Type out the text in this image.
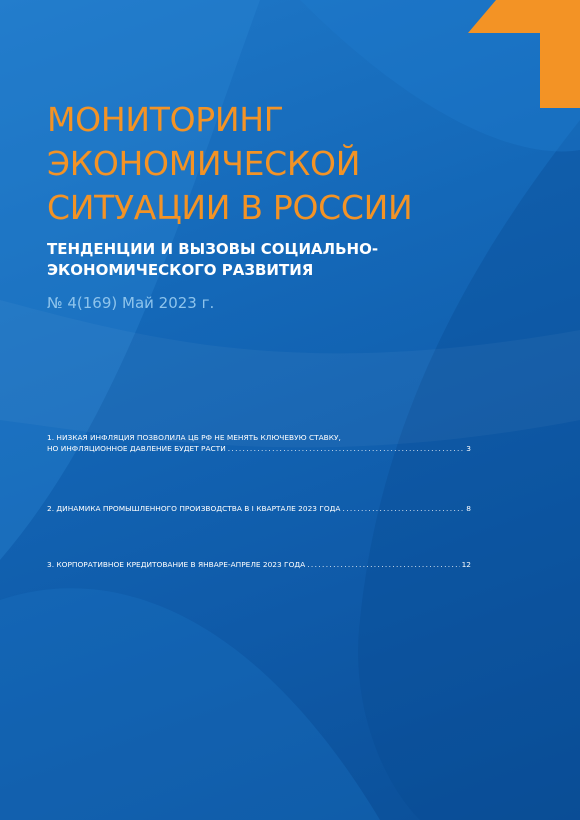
МОНИТОРИНГ
ЭКОНОМИЧЕСКОЙ
СИТУАЦИИ В РОССИИ
ТЕНДЕНЦИИ И ВЫЗОВЫ СОЦИАЛЬНО-
ЭКОНОМИЧЕСКОГО РАЗВИТИЯ

№ 4(169) Май 2023 г.

1. НИЗКАЯ ИНФЛЯЦИЯ ПОЗВОЛИЛА ЦБ РФ НЕ МЕНЯТЬ КЛЮЧЕВУЮ СТАВКУ,
НО ИНФЛЯЦИОННОЕ ДАВЛЕНИЕ БУДЕТ РАСТИ . . .	3
2. ДИНАМИКА ПРОМЫШЛЕННОГО ПРОИЗВОДСТВА В I КВАРТАЛЕ 2023 ГОДА . . .	8
3. КОРПОРАТИВНОЕ КРЕДИТОВАНИЕ В ЯНВАРЕ-АПРЕЛЕ 2023 ГОДА . . .	12
